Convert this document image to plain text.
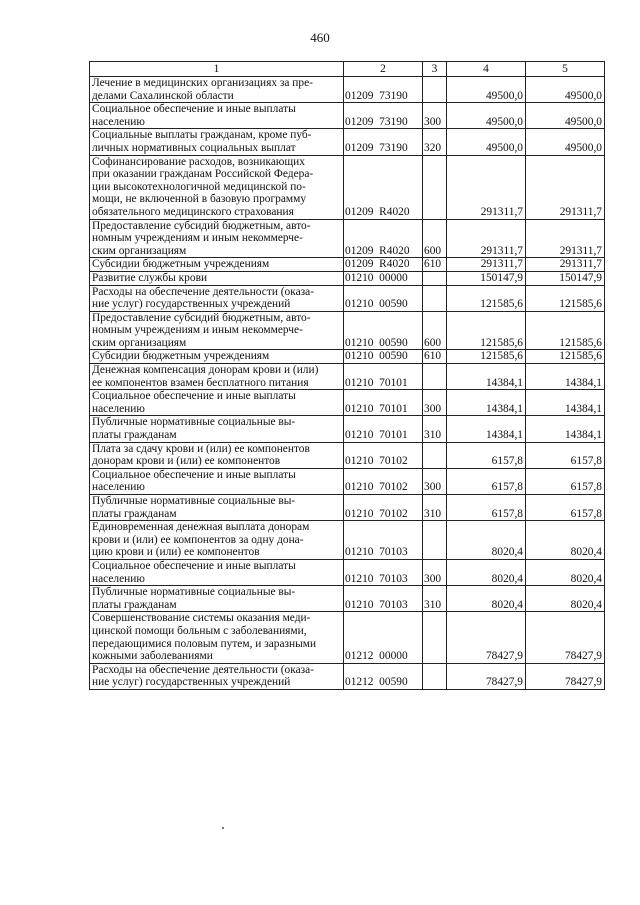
460
1	2	3	4	5
Лечение в медицинских организациях за пре-
делами Сахалинской области	01209  73190		49500,0	49500,0
Социальное обеспечение и иные выплаты
населению	01209  73190	300	49500,0	49500,0
Социальные выплаты гражданам, кроме пуб-
личных нормативных социальных выплат	01209  73190	320	49500,0	49500,0
Софинансирование расходов, возникающих
при оказании гражданам Российской Федера-
ции высокотехнологичной медицинской по-
мощи, не включенной в базовую программу
обязательного медицинского страхования	01209  R4020		291311,7	291311,7
Предоставление субсидий бюджетным, авто-
номным учреждениям и иным некоммерче-
ским организациям	01209  R4020	600	291311,7	291311,7
Субсидии бюджетным учреждениям	01209  R4020	610	291311,7	291311,7
Развитие службы крови	01210  00000		150147,9	150147,9
Расходы на обеспечение деятельности (оказа-
ние услуг) государственных учреждений	01210  00590		121585,6	121585,6
Предоставление субсидий бюджетным, авто-
номным учреждениям и иным некоммерче-
ским организациям	01210  00590	600	121585,6	121585,6
Субсидии бюджетным учреждениям	01210  00590	610	121585,6	121585,6
Денежная компенсация донорам крови и (или)
ее компонентов взамен бесплатного питания	01210  70101		14384,1	14384,1
Социальное обеспечение и иные выплаты
населению	01210  70101	300	14384,1	14384,1
Публичные нормативные социальные вы-
платы гражданам	01210  70101	310	14384,1	14384,1
Плата за сдачу крови и (или) ее компонентов
донорам крови и (или) ее компонентов	01210  70102		6157,8	6157,8
Социальное обеспечение и иные выплаты
населению	01210  70102	300	6157,8	6157,8
Публичные нормативные социальные вы-
платы гражданам	01210  70102	310	6157,8	6157,8
Единовременная денежная выплата донорам
крови и (или) ее компонентов за одну дона-
цию крови и (или) ее компонентов	01210  70103		8020,4	8020,4
Социальное обеспечение и иные выплаты
населению	01210  70103	300	8020,4	8020,4
Публичные нормативные социальные вы-
платы гражданам	01210  70103	310	8020,4	8020,4
Совершенствование системы оказания меди-
цинской помощи больным с заболеваниями,
передающимися половым путем, и заразными
кожными заболеваниями	01212  00000		78427,9	78427,9
Расходы на обеспечение деятельности (оказа-
ние услуг) государственных учреждений	01212  00590		78427,9	78427,9
